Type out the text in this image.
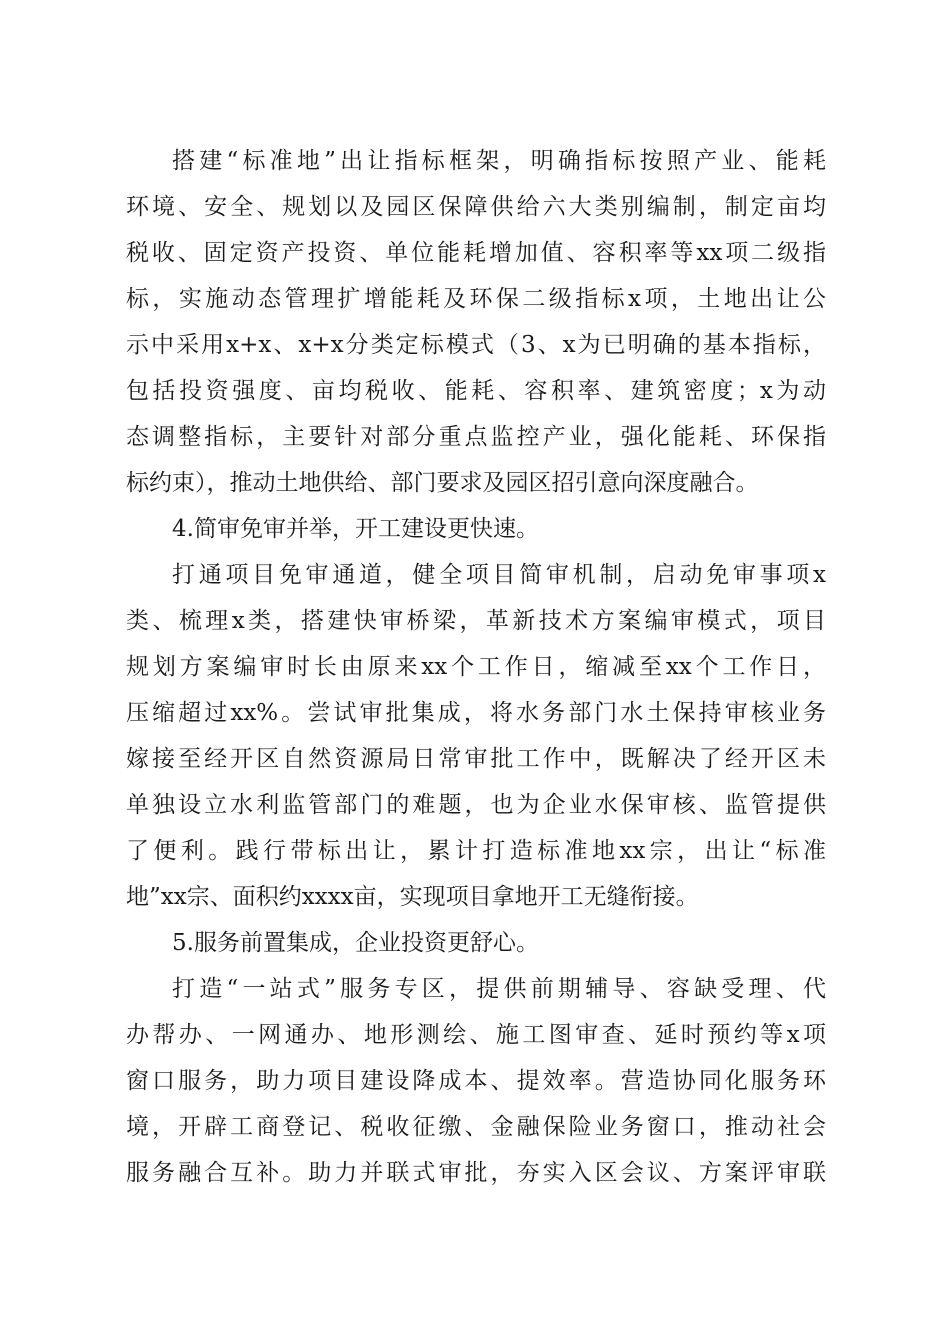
搭建“标准地”出让指标框架，明确指标按照产业、能耗
环境、安全、规划以及园区保障供给六大类别编制，制定亩均
税收、固定资产投资、单位能耗增加值、容积率等xx项二级指
标，实施动态管理扩增能耗及环保二级指标x项，土地出让公
示中采用x+x、x+x分类定标模式（3、x为已明确的基本指标，
包括投资强度、亩均税收、能耗、容积率、建筑密度；x为动
态调整指标，主要针对部分重点监控产业，强化能耗、环保指
标约束），推动土地供给、部门要求及园区招引意向深度融合。
4.简审免审并举，开工建设更快速。
打通项目免审通道，健全项目简审机制，启动免审事项x
类、梳理x类，搭建快审桥梁，革新技术方案编审模式，项目
规划方案编审时长由原来xx个工作日，缩减至xx个工作日，
压缩超过xx%。尝试审批集成，将水务部门水土保持审核业务
嫁接至经开区自然资源局日常审批工作中，既解决了经开区未
单独设立水利监管部门的难题，也为企业水保审核、监管提供
了便利。践行带标出让，累计打造标准地xx宗，出让“标准
地”xx宗、面积约xxxx亩，实现项目拿地开工无缝衔接。
5.服务前置集成，企业投资更舒心。
打造“一站式”服务专区，提供前期辅导、容缺受理、代
办帮办、一网通办、地形测绘、施工图审查、延时预约等x项
窗口服务，助力项目建设降成本、提效率。营造协同化服务环
境，开辟工商登记、税收征缴、金融保险业务窗口，推动社会
服务融合互补。助力并联式审批，夯实入区会议、方案评审联
